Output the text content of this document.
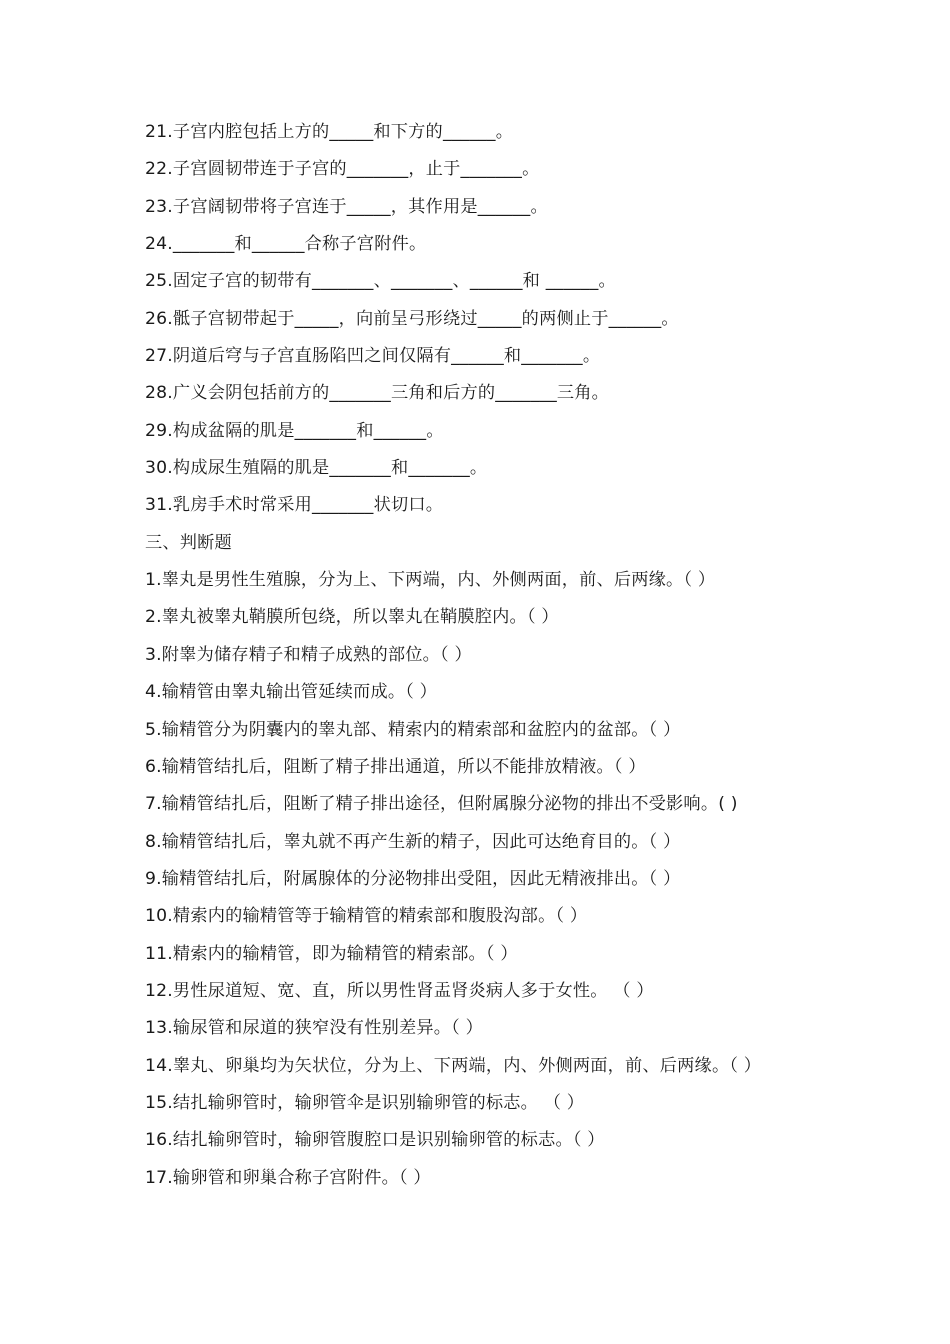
21.子宫内腔包括上方的_____和下方的______。
22.子宫圆韧带连于子宫的_______，止于_______。
23.子宫阔韧带将子宫连于_____，其作用是______。
24._______和______合称子宫附件。
25.固定子宫的韧带有_______、_______、______和 ______。
26.骶子宫韧带起于_____，向前呈弓形绕过_____的两侧止于______。
27.阴道后穹与子宫直肠陷凹之间仅隔有______和_______。
28.广义会阴包括前方的_______三角和后方的_______三角。
29.构成盆隔的肌是_______和______。
30.构成尿生殖隔的肌是_______和_______。
31.乳房手术时常采用_______状切口。
三、判断题
1.睾丸是男性生殖腺，分为上、下两端，内、外侧两面，前、后两缘。（ ）
2.睾丸被睾丸鞘膜所包绕，所以睾丸在鞘膜腔内。（ ）
3.附睾为储存精子和精子成熟的部位。（ ）
4.输精管由睾丸输出管延续而成。（ ）
5.输精管分为阴囊内的睾丸部、精索内的精索部和盆腔内的盆部。（ ）
6.输精管结扎后，阻断了精子排出通道，所以不能排放精液。（ ）
7.输精管结扎后，阻断了精子排出途径，但附属腺分泌物的排出不受影响。( )
8.输精管结扎后，睾丸就不再产生新的精子，因此可达绝育目的。（ ）
9.输精管结扎后，附属腺体的分泌物排出受阻，因此无精液排出。（ ）
10.精索内的输精管等于输精管的精索部和腹股沟部。（ ）
11.精索内的输精管，即为输精管的精索部。（ ）
12.男性尿道短、宽、直，所以男性肾盂肾炎病人多于女性。 （ ）
13.输尿管和尿道的狭窄没有性别差异。（ ）
14.睾丸、卵巢均为矢状位，分为上、下两端，内、外侧两面，前、后两缘。（ ）
15.结扎输卵管时，输卵管伞是识别输卵管的标志。 （ ）
16.结扎输卵管时，输卵管腹腔口是识别输卵管的标志。（ ）
17.输卵管和卵巢合称子宫附件。（ ）
